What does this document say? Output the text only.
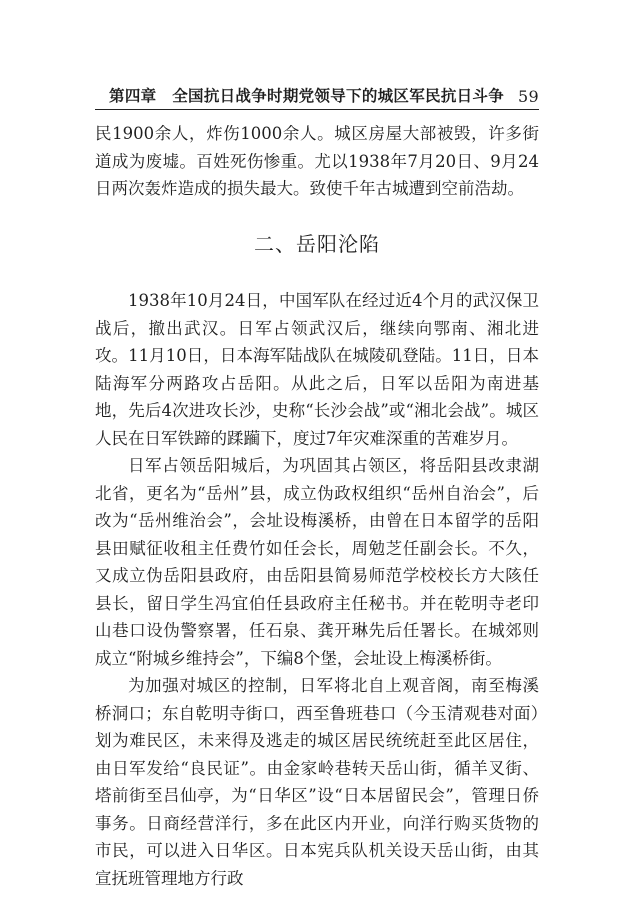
第四章　全国抗日战争时期党领导下的城区军民抗日斗争 59

民1900余人，炸伤1000余人。城区房屋大部被毁，许多街道成为废墟。百姓死伤惨重。尤以1938年7月20日、9月24日两次轰炸造成的损失最大。致使千年古城遭到空前浩劫。

二、岳阳沦陷

1938年10月24日，中国军队在经过近4个月的武汉保卫战后，撤出武汉。日军占领武汉后，继续向鄂南、湘北进攻。11月10日，日本海军陆战队在城陵矶登陆。11日，日本陆海军分两路攻占岳阳。从此之后，日军以岳阳为南进基地，先后4次进攻长沙，史称“长沙会战”或“湘北会战”。城区人民在日军铁蹄的蹂躏下，度过7年灾难深重的苦难岁月。

日军占领岳阳城后，为巩固其占领区，将岳阳县改隶湖北省，更名为“岳州”县，成立伪政权组织“岳州自治会”，后改为“岳州维治会”，会址设梅溪桥，由曾在日本留学的岳阳县田赋征收租主任费竹如任会长，周勉芝任副会长。不久，又成立伪岳阳县政府，由岳阳县简易师范学校校长方大陔任县长，留日学生冯宜伯任县政府主任秘书。并在乾明寺老印山巷口设伪警察署，任石泉、龚开琳先后任署长。在城郊则成立“附城乡维持会”，下编8个堡，会址设上梅溪桥街。

为加强对城区的控制，日军将北自上观音阁，南至梅溪桥洞口；东自乾明寺街口，西至鲁班巷口（今玉清观巷对面）划为难民区，未来得及逃走的城区居民统统赶至此区居住，由日军发给“良民证”。由金家岭巷转天岳山街，循羊叉街、塔前街至吕仙亭，为“日华区”设“日本居留民会”，管理日侨事务。日商经营洋行，多在此区内开业，向洋行购买货物的市民，可以进入日华区。日本宪兵队机关设天岳山街，由其宣抚班管理地方行政
